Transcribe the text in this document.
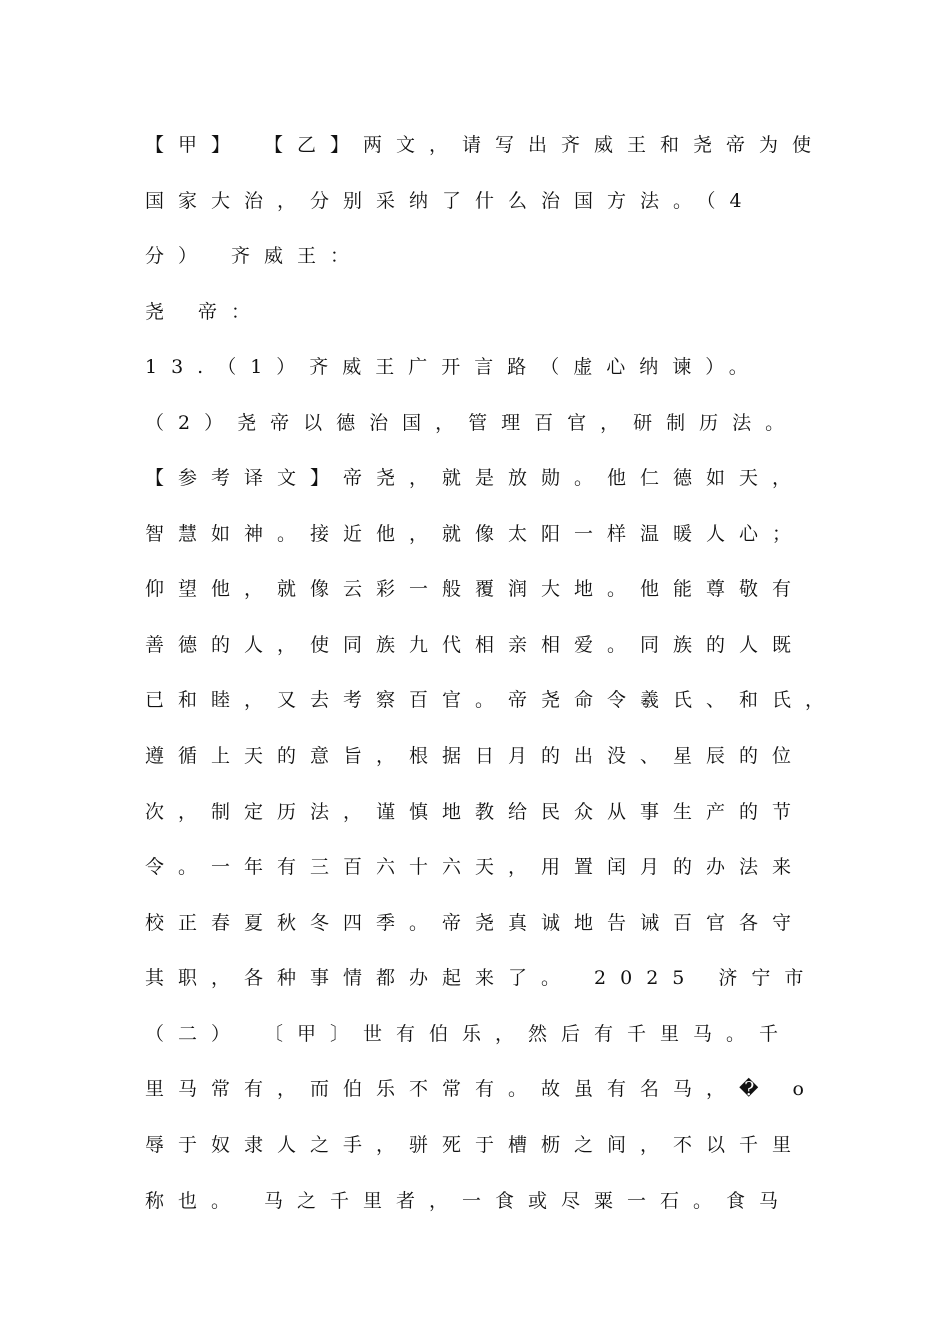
【甲】 【乙】两文，请写出齐威王和尧帝为使
国家大治，分别采纳了什么治国方法。（4
分） 齐威王：
尧 帝：
13.（1）齐威王广开言路（虚心纳谏）。
（2）尧帝以德治国，管理百官，研制历法。
【参考译文】帝尧，就是放勋。他仁德如天，
智慧如神。接近他，就像太阳一样温暖人心；
仰望他，就像云彩一般覆润大地。他能尊敬有
善德的人，使同族九代相亲相爱。同族的人既
已和睦，又去考察百官。帝尧命令羲氏、和氏，
遵循上天的意旨，根据日月的出没、星辰的位
次，制定历法，谨慎地教给民众从事生产的节
令。一年有三百六十六天，用置闰月的办法来
校正春夏秋冬四季。帝尧真诚地告诫百官各守
其职，各种事情都办起来了。 2025 济宁市
（二） 〔甲〕世有伯乐，然后有千里马。千
里马常有，而伯乐不常有。故虽有名马，� o
辱于奴隶人之手，骈死于槽枥之间，不以千里
称也。 马之千里者，一食或尽粟一石。食马
